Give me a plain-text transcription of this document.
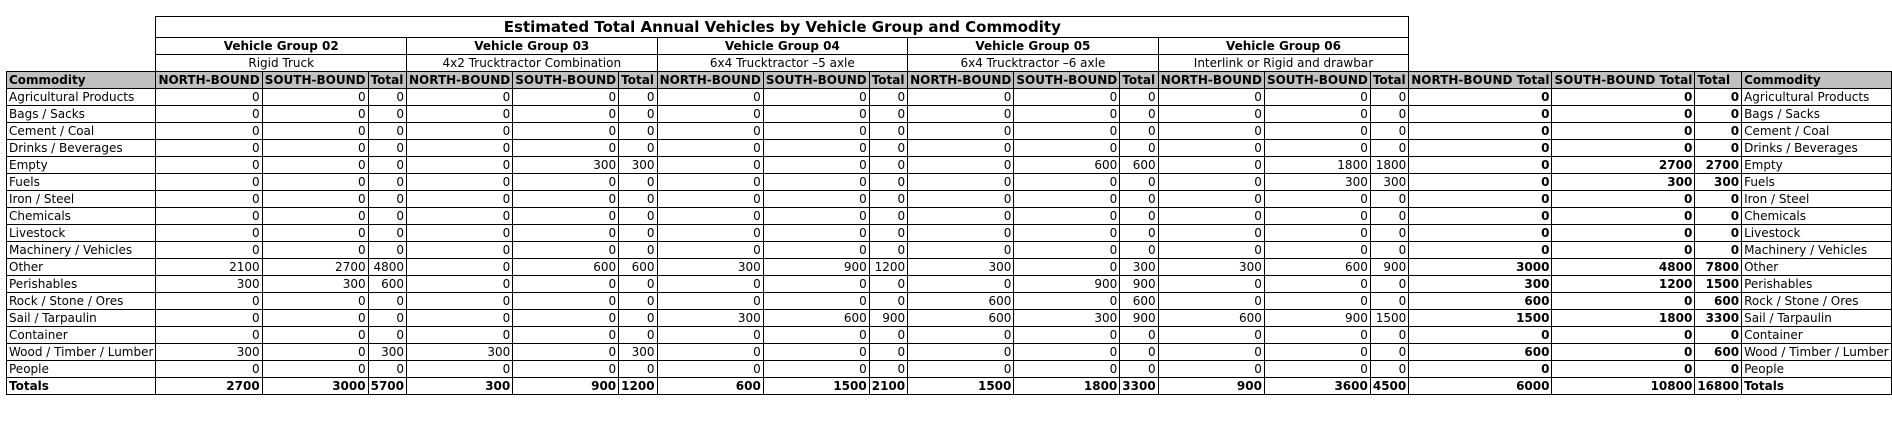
	Estimated Total Annual Vehicles by Vehicle Group and Commodity																		
	Vehicle Group 02			Vehicle Group 03			Vehicle Group 04			Vehicle Group 05			Vehicle Group 06						
	Rigid Truck			4x2 Trucktractor Combination			6x4 Trucktractor –5 axle			6x4 Trucktractor –6 axle			Interlink or Rigid and drawbar						
Commodity	NORTH-BOUND	SOUTH-BOUND	Total	NORTH-BOUND	SOUTH-BOUND	Total	NORTH-BOUND	SOUTH-BOUND	Total	NORTH-BOUND	SOUTH-BOUND	Total	NORTH-BOUND	SOUTH-BOUND	Total	NORTH-BOUND Total	SOUTH-BOUND Total	Total	Commodity
Agricultural Products	0	0	0	0	0	0	0	0	0	0	0	0	0	0	0	0	0	0	Agricultural Products
Bags / Sacks	0	0	0	0	0	0	0	0	0	0	0	0	0	0	0	0	0	0	Bags / Sacks
Cement / Coal	0	0	0	0	0	0	0	0	0	0	0	0	0	0	0	0	0	0	Cement / Coal
Drinks / Beverages	0	0	0	0	0	0	0	0	0	0	0	0	0	0	0	0	0	0	Drinks / Beverages
Empty	0	0	0	0	300	300	0	0	0	0	600	600	0	1800	1800	0	2700	2700	Empty
Fuels	0	0	0	0	0	0	0	0	0	0	0	0	0	300	300	0	300	300	Fuels
Iron / Steel	0	0	0	0	0	0	0	0	0	0	0	0	0	0	0	0	0	0	Iron / Steel
Chemicals	0	0	0	0	0	0	0	0	0	0	0	0	0	0	0	0	0	0	Chemicals
Livestock	0	0	0	0	0	0	0	0	0	0	0	0	0	0	0	0	0	0	Livestock
Machinery / Vehicles	0	0	0	0	0	0	0	0	0	0	0	0	0	0	0	0	0	0	Machinery / Vehicles
Other	2100	2700	4800	0	600	600	300	900	1200	300	0	300	300	600	900	3000	4800	7800	Other
Perishables	300	300	600	0	0	0	0	0	0	0	900	900	0	0	0	300	1200	1500	Perishables
Rock / Stone / Ores	0	0	0	0	0	0	0	0	0	600	0	600	0	0	0	600	0	600	Rock / Stone / Ores
Sail / Tarpaulin	0	0	0	0	0	0	300	600	900	600	300	900	600	900	1500	1500	1800	3300	Sail / Tarpaulin
Container	0	0	0	0	0	0	0	0	0	0	0	0	0	0	0	0	0	0	Container
Wood / Timber / Lumber	300	0	300	300	0	300	0	0	0	0	0	0	0	0	0	600	0	600	Wood / Timber / Lumber
People	0	0	0	0	0	0	0	0	0	0	0	0	0	0	0	0	0	0	People
Totals	2700	3000	5700	300	900	1200	600	1500	2100	1500	1800	3300	900	3600	4500	6000	10800	16800	Totals
